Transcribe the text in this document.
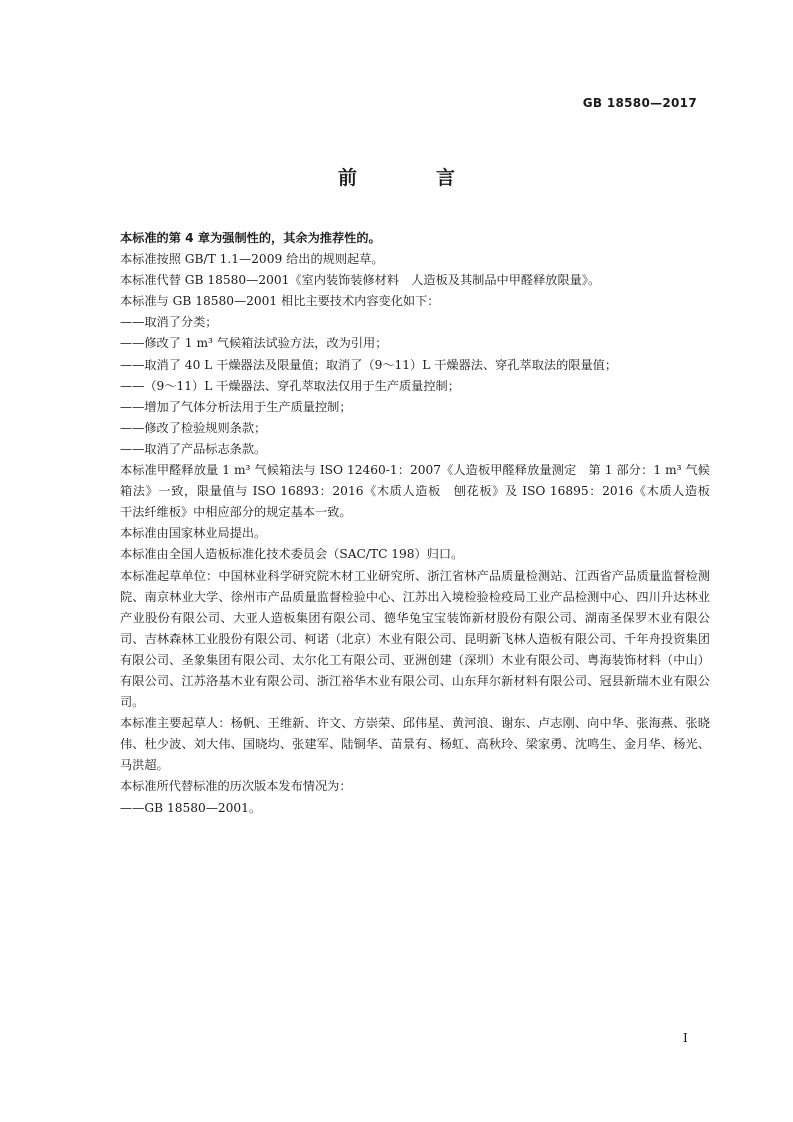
GB 18580—2017
前　言

本标准的第 4 章为强制性的，其余为推荐性的。

本标准按照 GB/T 1.1—2009 给出的规则起草。

本标准代替 GB 18580—2001《室内装饰装修材料　人造板及其制品中甲醛释放限量》。

本标准与 GB 18580—2001 相比主要技术内容变化如下：

——取消了分类；

——修改了 1 m³ 气候箱法试验方法，改为引用；

——取消了 40 L 干燥器法及限量值；取消了（9～11）L 干燥器法、穿孔萃取法的限量值；

——（9～11）L 干燥器法、穿孔萃取法仅用于生产质量控制；

——增加了气体分析法用于生产质量控制；

——修改了检验规则条款；

——取消了产品标志条款。

本标准甲醛释放量 1 m³ 气候箱法与 ISO 12460-1：2007《人造板甲醛释放量测定　第 1 部分：1 m³ 气候箱法》一致，限量值与 ISO 16893：2016《木质人造板　刨花板》及 ISO 16895：2016《木质人造板　干法纤维板》中相应部分的规定基本一致。

本标准由国家林业局提出。

本标准由全国人造板标准化技术委员会（SAC/TC 198）归口。

本标准起草单位：中国林业科学研究院木材工业研究所、浙江省林产品质量检测站、江西省产品质量监督检测院、南京林业大学、徐州市产品质量监督检验中心、江苏出入境检验检疫局工业产品检测中心、四川升达林业产业股份有限公司、大亚人造板集团有限公司、德华兔宝宝装饰新材股份有限公司、湖南圣保罗木业有限公司、吉林森林工业股份有限公司、柯诺（北京）木业有限公司、昆明新飞林人造板有限公司、千年舟投资集团有限公司、圣象集团有限公司、太尔化工有限公司、亚洲创建（深圳）木业有限公司、粤海装饰材料（中山）有限公司、江苏洛基木业有限公司、浙江裕华木业有限公司、山东拜尔新材料有限公司、冠县新瑞木业有限公司。

本标准主要起草人：杨帆、王维新、许文、方崇荣、邱伟星、黄河浪、谢东、卢志刚、向中华、张海燕、张晓伟、杜少波、刘大伟、国晓均、张建军、陆铜华、苗景有、杨虹、高秋玲、梁家勇、沈鸣生、金月华、杨光、马洪超。

本标准所代替标准的历次版本发布情况为：

——GB 18580—2001。

I
